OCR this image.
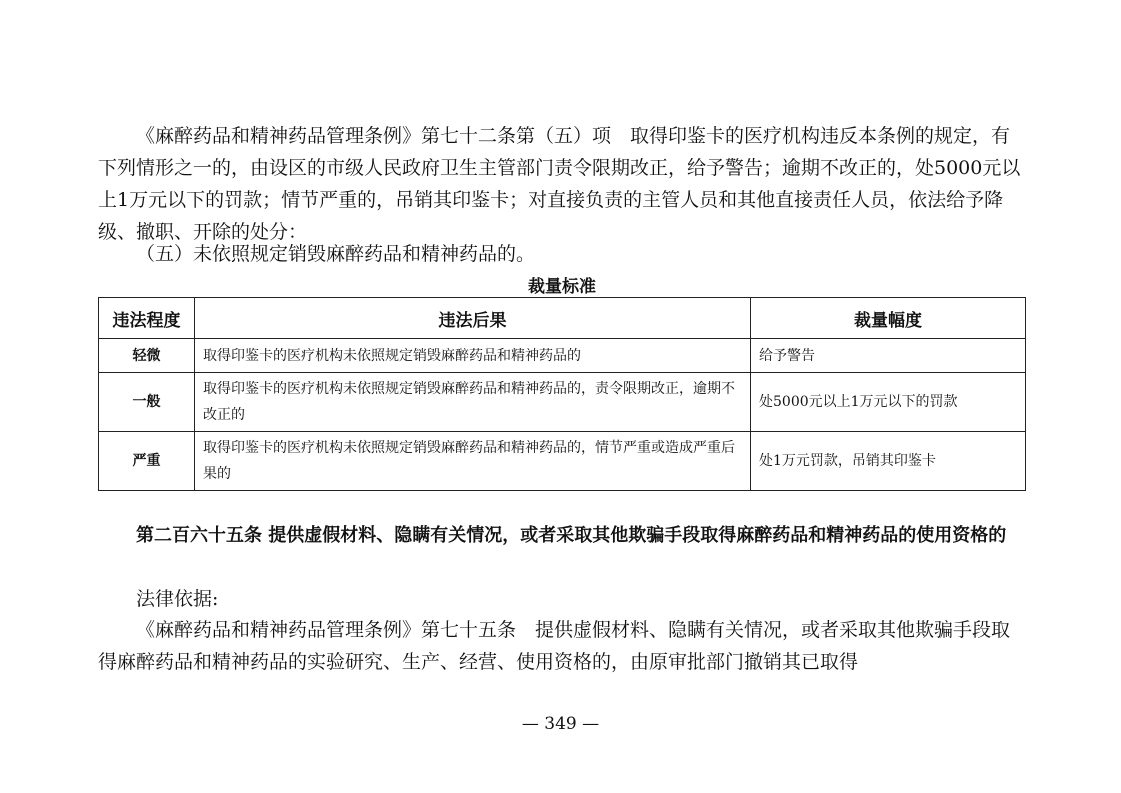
《麻醉药品和精神药品管理条例》第七十二条第（五）项　取得印鉴卡的医疗机构违反本条例的规定，有下列情形之一的，由设区的市级人民政府卫生主管部门责令限期改正，给予警告；逾期不改正的，处5000元以上1万元以下的罚款；情节严重的，吊销其印鉴卡；对直接负责的主管人员和其他直接责任人员，依法给予降级、撤职、开除的处分：

（五）未依照规定销毁麻醉药品和精神药品的。

裁量标准
违法程度	违法后果	裁量幅度
轻微	取得印鉴卡的医疗机构未依照规定销毁麻醉药品和精神药品的	给予警告
一般	取得印鉴卡的医疗机构未依照规定销毁麻醉药品和精神药品的，责令限期改正，逾期不改正的	处5000元以上1万元以下的罚款
严重	取得印鉴卡的医疗机构未依照规定销毁麻醉药品和精神药品的，情节严重或造成严重后果的	处1万元罚款，吊销其印鉴卡

第二百六十五条 提供虚假材料、隐瞒有关情况，或者采取其他欺骗手段取得麻醉药品和精神药品的使用资格的

法律依据:

《麻醉药品和精神药品管理条例》第七十五条　提供虚假材料、隐瞒有关情况，或者采取其他欺骗手段取得麻醉药品和精神药品的实验研究、生产、经营、使用资格的，由原审批部门撤销其已取得

— 349 —
